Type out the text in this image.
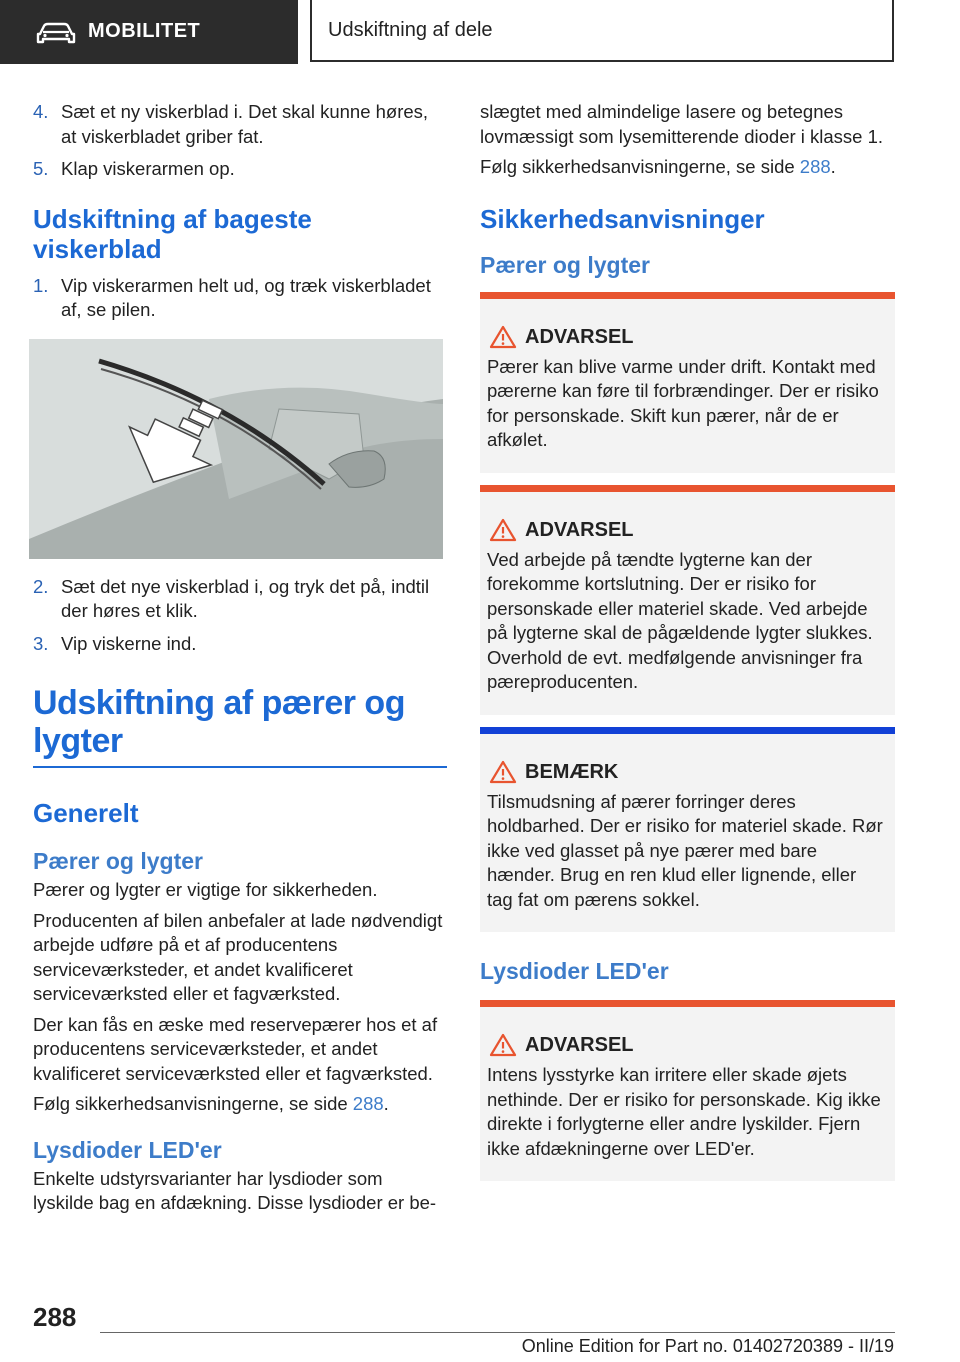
MOBILITET	Udskiftning af dele
4. Sæt et ny viskerblad i. Det skal kunne høres, at viskerbladet griber fat.
5. Klap viskerarmen op.
Udskiftning af bageste viskerblad
1. Vip viskerarmen helt ud, og træk viskerbladet af, se pilen.
2. Sæt det nye viskerblad i, og tryk det på, indtil der høres et klik.
3. Vip viskerne ind.
Udskiftning af pærer og lygter
Generelt
Pærer og lygter

Pærer og lygter er vigtige for sikkerheden.

Producenten af bilen anbefaler at lade nødvendigt arbejde udføre på et af producentens serviceværksteder, et andet kvalificeret serviceværksted eller et fagværksted.

Der kan fås en æske med reservepærer hos et af producentens serviceværksteder, et andet kvalificeret serviceværksted eller et fagværksted.

Følg sikkerhedsanvisningerne, se side 288.

Lysdioder LED'er

Enkelte udstyrsvarianter har lysdioder som lyskilde bag en afdækning. Disse lysdioder er be-

slægtet med almindelige lasere og betegnes lovmæssigt som lysemitterende dioder i klasse 1.

Følg sikkerhedsanvisningerne, se side 288.

Sikkerhedsanvisninger
Pærer og lygter
ADVARSEL

Pærer kan blive varme under drift. Kontakt med pærerne kan føre til forbrændinger. Der er risiko for personskade. Skift kun pærer, når de er afkølet.

ADVARSEL

Ved arbejde på tændte lygterne kan der forekomme kortslutning. Der er risiko for personskade eller materiel skade. Ved arbejde på lygterne skal de pågældende lygter slukkes. Overhold de evt. medfølgende anvisninger fra pæreproducenten.

BEMÆRK

Tilsmudsning af pærer forringer deres holdbarhed. Der er risiko for materiel skade. Rør ikke ved glasset på nye pærer med bare hænder. Brug en ren klud eller lignende, eller tag fat om pærens sokkel.

Lysdioder LED'er
ADVARSEL

Intens lysstyrke kan irritere eller skade øjets nethinde. Der er risiko for personskade. Kig ikke direkte i forlygterne eller andre lyskilder. Fjern ikke afdækningerne over LED'er.

288
Online Edition for Part no. 01402720389 - II/19
